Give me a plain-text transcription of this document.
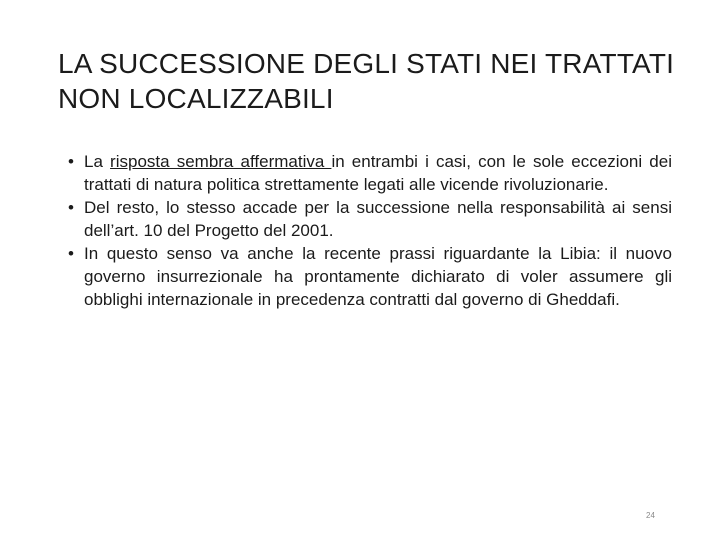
LA SUCCESSIONE DEGLI STATI NEI TRATTATI
NON LOCALIZZABILI
• La risposta sembra affermativa in entrambi i casi, con le sole eccezioni dei trattati di natura politica strettamente legati alle vicende rivoluzionarie.
• Del resto, lo stesso accade per la successione nella responsabilità ai sensi dell’art. 10 del Progetto del 2001.
• In questo senso va anche la recente prassi riguardante la Libia: il nuovo governo insurrezionale ha prontamente dichiarato di voler assumere gli obblighi internazionale in precedenza contratti dal governo di Gheddafi.
24
